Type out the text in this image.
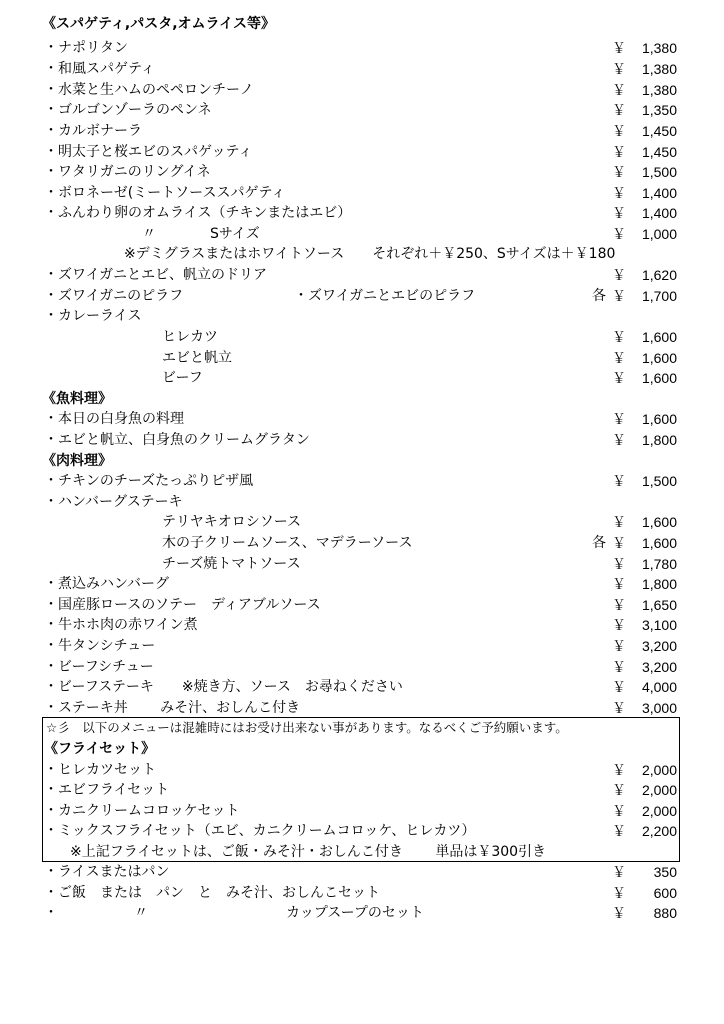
《スパゲティ,パスタ,オムライス等》
・ナポリタン	￥ 1,380
・和風スパゲティ	￥ 1,380
・水菜と生ハムのペペロンチーノ	￥ 1,380
・ゴルゴンゾーラのペンネ	￥ 1,350
・カルボナーラ	￥ 1,450
・明太子と桜エビのスパゲッティ	￥ 1,450
・ワタリガニのリングイネ	￥ 1,500
・ボロネーゼ(ミートソーススパゲティ	￥ 1,400
・ふんわり卵のオムライス（チキンまたはエビ）	￥ 1,400
〃	Sサイズ	￥ 1,000
※デミグラスまたはホワイトソース　　それぞれ＋￥250、Sサイズは＋￥180
・ズワイガニとエビ、帆立のドリア	￥ 1,620
・ズワイガニのピラフ	・ズワイガニとエビのピラフ	各 ￥ 1,700
・カレーライス
ヒレカツ	￥ 1,600
エビと帆立	￥ 1,600
ビーフ	￥ 1,600
《魚料理》
・本日の白身魚の料理	￥ 1,600
・エビと帆立、白身魚のクリームグラタン	￥ 1,800
《肉料理》
・チキンのチーズたっぷりピザ風	￥ 1,500
・ハンバーグステーキ
テリヤキオロシソース	￥ 1,600
木の子クリームソース、マデラーソース	各 ￥ 1,600
チーズ焼トマトソース	￥ 1,780
・煮込みハンバーグ	￥ 1,800
・国産豚ロースのソテー　ディアブルソース	￥ 1,650
・牛ホホ肉の赤ワイン煮	￥ 3,100
・牛タンシチュー	￥ 3,200
・ビーフシチュー	￥ 3,200
・ビーフステーキ　　※焼き方、ソース　お尋ねください	￥ 4,000
・ステーキ丼　　 みそ汁、おしんこ付き	￥ 3,000
☆彡　以下のメニューは混雑時にはお受け出来ない事があります。なるべくご予約願います。
《フライセット》
・ヒレカツセット	￥ 2,000
・エビフライセット	￥ 2,000
・カニクリームコロッケセット	￥ 2,000
・ミックスフライセット（エビ、カニクリームコロッケ、ヒレカツ）	￥ 2,200
※上記フライセットは、ご飯・みそ汁・おしんこ付き　　 単品は￥300引き
・ライスまたはパン	￥ 350
・ご飯　または　パン　と　みそ汁、おしんこセット	￥ 600
・	〃	カップスープのセット	￥ 880
